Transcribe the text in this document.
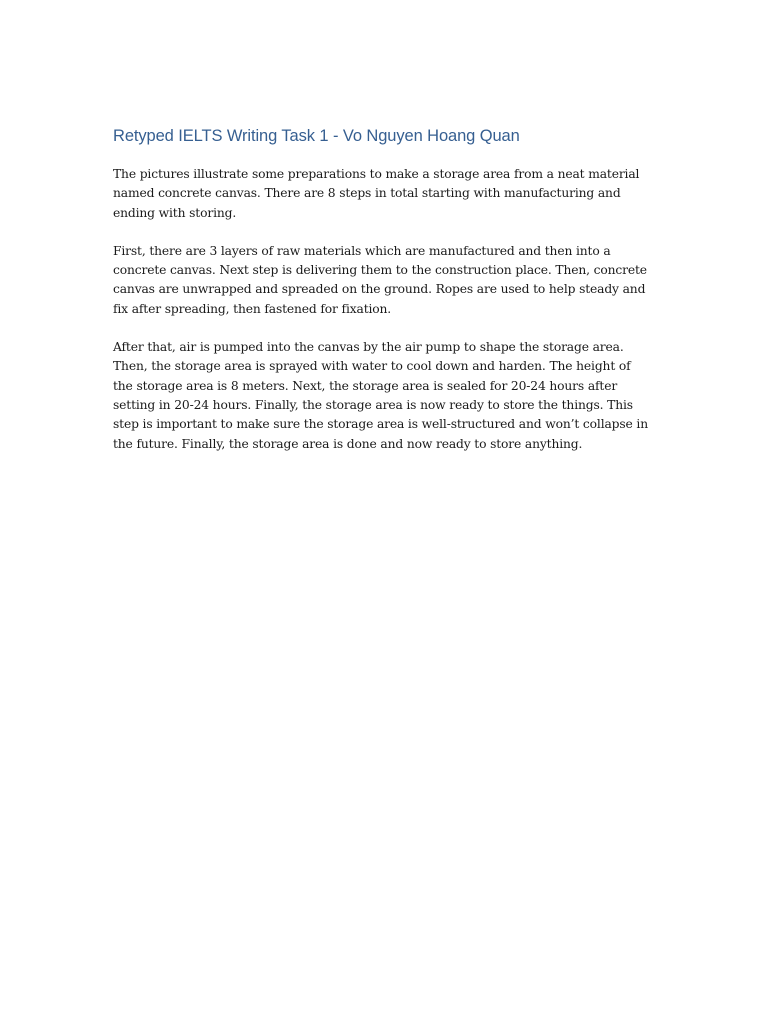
Retyped IELTS Writing Task 1 - Vo Nguyen Hoang Quan

The pictures illustrate some preparations to make a storage area from a neat material named concrete canvas. There are 8 steps in total starting with manufacturing and ending with storing.

First, there are 3 layers of raw materials which are manufactured and then into a concrete canvas. Next step is delivering them to the construction place. Then, concrete canvas are unwrapped and spreaded on the ground. Ropes are used to help steady and fix after spreading, then fastened for fixation.

After that, air is pumped into the canvas by the air pump to shape the storage area. Then, the storage area is sprayed with water to cool down and harden. The height of the storage area is 8 meters. Next, the storage area is sealed for 20-24 hours after setting in 20-24 hours. Finally, the storage area is now ready to store the things. This step is important to make sure the storage area is well-structured and won’t collapse in the future. Finally, the storage area is done and now ready to store anything.
